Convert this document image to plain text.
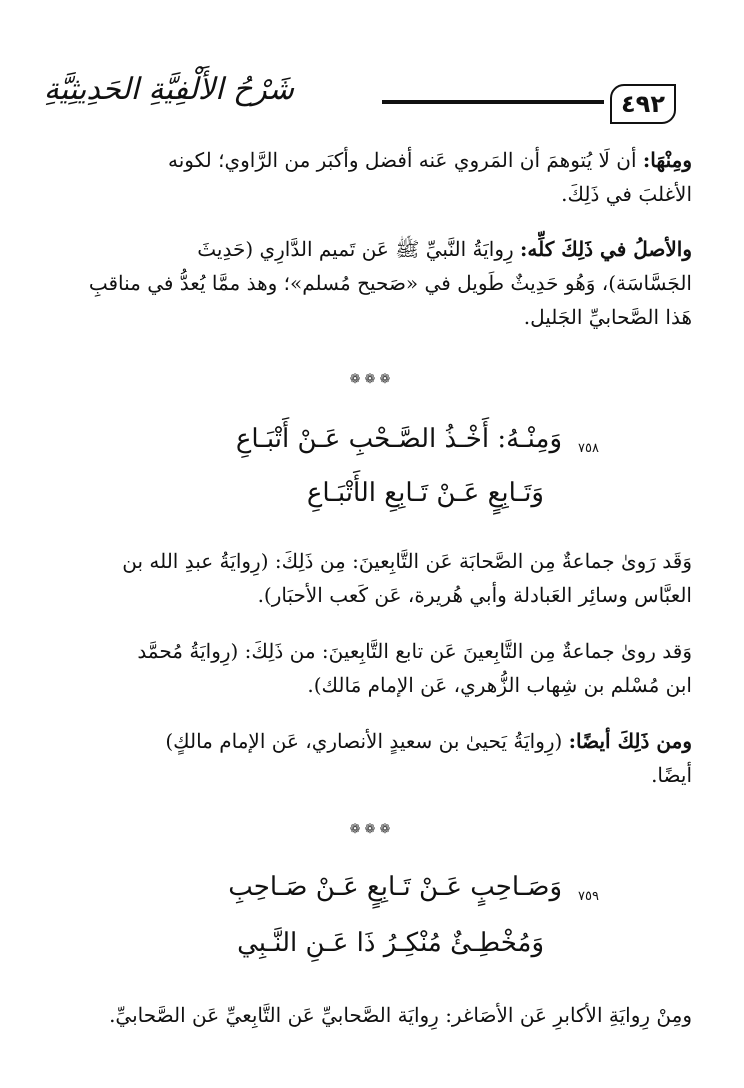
٤٩٢
شَرْحُ الأَلْفِيَّةِ الحَدِيثِيَّةِ
ومِنْهَا: أن لَا يُتوهمَ أن المَروي عَنه أفضل وأكبَر من الرَّاوي؛ لكونه
الأغلبَ في ذَلِكَ.
والأصلُ في ذَلِكَ كلِّه: رِوايَةُ النَّبيِّ ﷺ عَن تَميم الدَّارِي (حَدِيثَ
الجَسَّاسَة)، وَهُو حَدِيثٌ طَويل في «صَحيح مُسلم»؛ وهذ ممَّا يُعدُّ في مناقبِ
هَذا الصَّحابيِّ الجَليل.
❁❁❁
٧٥٨
وَمِنْـهُ: أَخْـذُ الصَّـحْبِ عَـنْ أَتْبَـاعِ
وَتَـابِعٍ عَـنْ تَـابِعِ الأَتْبَـاعِ
وَقَد رَوىٰ جماعةٌ مِن الصَّحابَة عَن التَّابِعينَ: مِن ذَلِكَ: (رِوايَةُ عبدِ الله بن
العبَّاس وسائِر العَبادلة وأبي هُريرة، عَن كَعب الأحبَار).
وَقد روىٰ جماعةٌ مِن التَّابِعينَ عَن تابع التَّابِعينَ: من ذَلِكَ: (رِوايَةُ مُحمَّد
ابن مُسْلم بن شِهاب الزُّهري، عَن الإمام مَالك).
ومن ذَلِكَ أيضًا: (رِوايَةُ يَحيىٰ بن سعيدٍ الأنصاري، عَن الإمام مالكٍ)
أيضًا.
❁❁❁
٧٥٩
وَصَـاحِبٍ عَـنْ تَـابِعٍ عَـنْ صَـاحِبِ
وَمُخْطِـئٌ مُنْكِـرُ ذَا عَـنِ النَّـبِي
ومِنْ رِوايَةِ الأكابرِ عَن الأصَاغر: رِوايَة الصَّحابيِّ عَن التَّابِعيِّ عَن الصَّحابيِّ.
